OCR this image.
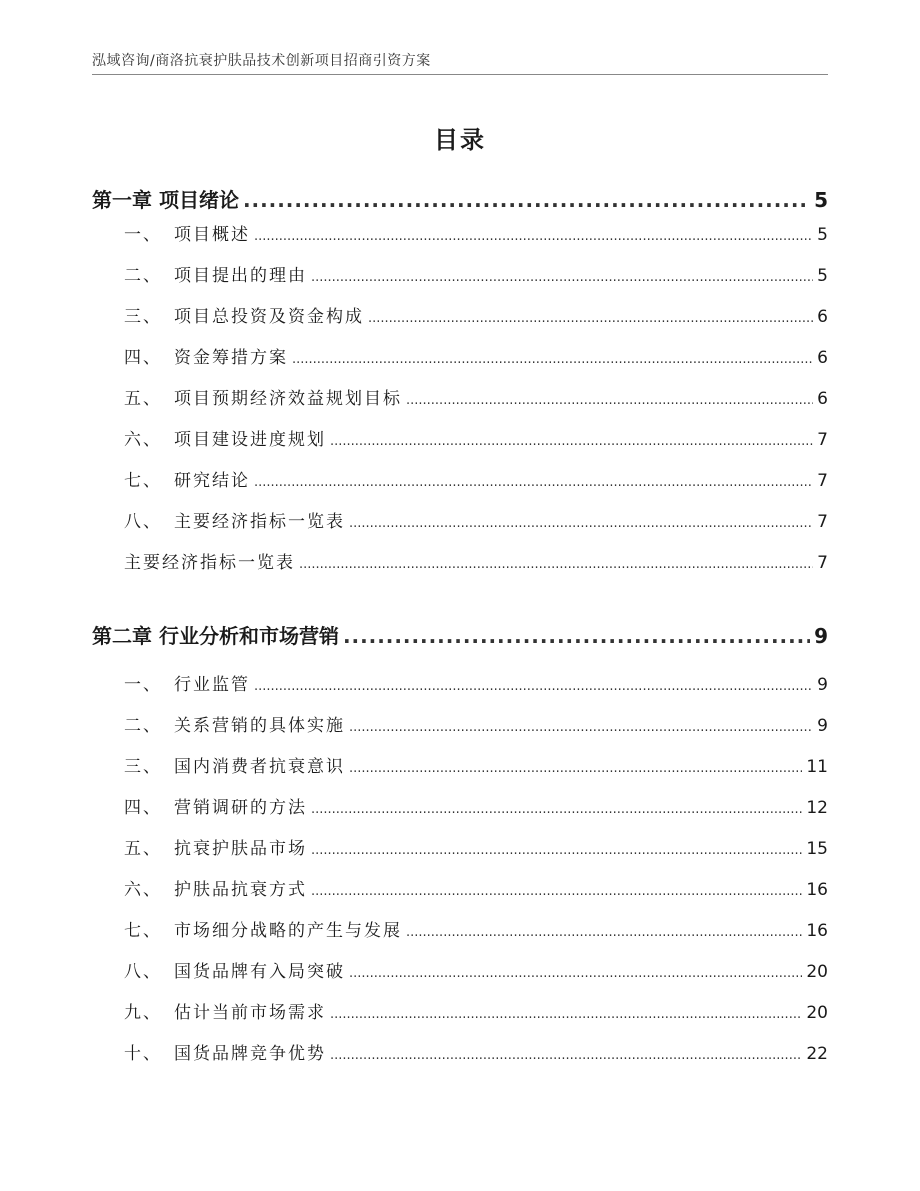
泓域咨询/商洛抗衰护肤品技术创新项目招商引资方案
目录
第一章 项目绪论 . . .	5
一、 项目概述 .....	5
二、 项目提出的理由 .....	5
三、 项目总投资及资金构成 .....	6
四、 资金筹措方案 .....	6
五、 项目预期经济效益规划目标 .....	6
六、 项目建设进度规划 .....	7
七、 研究结论 .....	7
八、 主要经济指标一览表 .....	7
主要经济指标一览表 .....	7
第二章 行业分析和市场营销 . . .	9
一、 行业监管 .....	9
二、 关系营销的具体实施 .....	9
三、 国内消费者抗衰意识 .....	11
四、 营销调研的方法 .....	12
五、 抗衰护肤品市场 .....	15
六、 护肤品抗衰方式 .....	16
七、 市场细分战略的产生与发展 .....	16
八、 国货品牌有入局突破 .....	20
九、 估计当前市场需求 .....	20
十、 国货品牌竞争优势 .....	22
